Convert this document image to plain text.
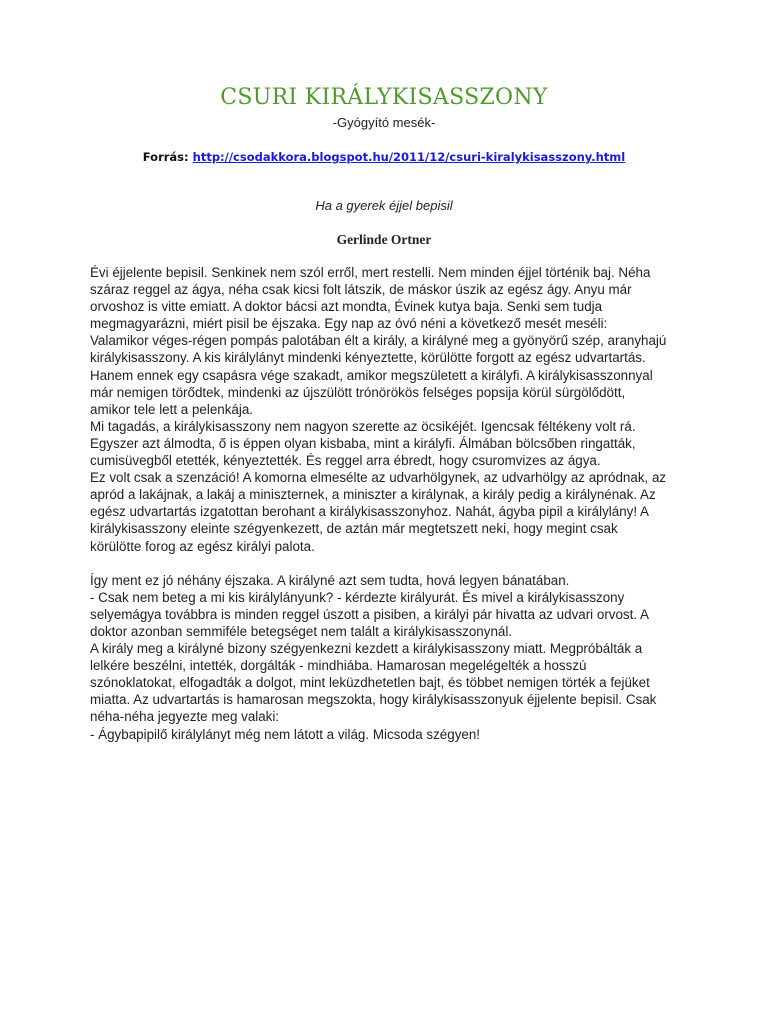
CSURI KIRÁLYKISASSZONY
-Gyógyító mesék-
Forrás: http://csodakkora.blogspot.hu/2011/12/csuri-kiralykisasszony.html
Ha a gyerek éjjel bepisil
Gerlinde Ortner
Évi éjjelente bepisil. Senkinek nem szól erről, mert restelli. Nem minden éjjel történik baj. Néha
száraz reggel az ágya, néha csak kicsi folt látszik, de máskor úszik az egész ágy. Anyu már
orvoshoz is vitte emiatt. A doktor bácsi azt mondta, Évinek kutya baja. Senki sem tudja
megmagyarázni, miért pisil be éjszaka. Egy nap az óvó néni a következő mesét meséli:
Valamikor véges-régen pompás palotában élt a király, a királyné meg a gyönyörű szép, aranyhajú
királykisasszony. A kis királylányt mindenki kényeztette, körülötte forgott az egész udvartartás.
Hanem ennek egy csapásra vége szakadt, amikor megszületett a királyfi. A királykisasszonnyal
már nemigen törődtek, mindenki az újszülött trónörökös felséges popsija körül sürgölődött,
amikor tele lett a pelenkája.
Mi tagadás, a királykisasszony nem nagyon szerette az öcsikéjét. Igencsak féltékeny volt rá.
Egyszer azt álmodta, ő is éppen olyan kisbaba, mint a királyfi. Álmában bölcsőben ringatták,
cumisüvegből etették, kényeztették. És reggel arra ébredt, hogy csuromvizes az ágya.
Ez volt csak a szenzáció! A komorna elmesélte az udvarhölgynek, az udvarhölgy az apródnak, az
apród a lakájnak, a lakáj a miniszternek, a miniszter a királynak, a király pedig a királynénak. Az
egész udvartartás izgatottan berohant a királykisasszonyhoz. Nahát, ágyba pipil a királylány! A
királykisasszony eleinte szégyenkezett, de aztán már megtetszett neki, hogy megint csak
körülötte forog az egész királyi palota.
Így ment ez jó néhány éjszaka. A királyné azt sem tudta, hová legyen bánatában.
- Csak nem beteg a mi kis királylányunk? - kérdezte királyurát. És mivel a királykisasszony
selyemágya továbbra is minden reggel úszott a pisiben, a királyi pár hivatta az udvari orvost. A
doktor azonban semmiféle betegséget nem talált a királykisasszonynál.
A király meg a királyné bizony szégyenkezni kezdett a királykisasszony miatt. Megpróbálták a
lelkére beszélni, intették, dorgálták - mindhiába. Hamarosan megelégelték a hosszú
szónoklatokat, elfogadták a dolgot, mint leküzdhetetlen bajt, és többet nemigen törték a fejüket
miatta. Az udvartartás is hamarosan megszokta, hogy királykisasszonyuk éjjelente bepisil. Csak
néha-néha jegyezte meg valaki:
- Ágybapipilő királylányt még nem látott a világ. Micsoda szégyen!
